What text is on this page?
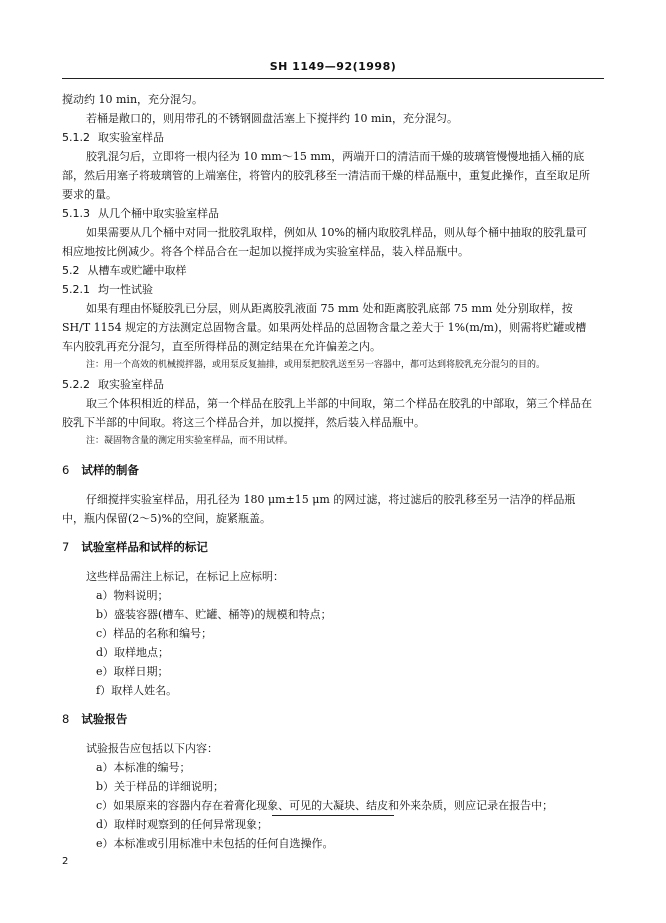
SH 1149—92(1998)

搅动约 10 min，充分混匀。

若桶是敞口的，则用带孔的不锈钢圆盘活塞上下搅拌约 10 min，充分混匀。

5.1.2 取实验室样品

胶乳混匀后，立即将一根内径为 10 mm～15 mm，两端开口的清洁而干燥的玻璃管慢慢地插入桶的底部，然后用塞子将玻璃管的上端塞住，将管内的胶乳移至一清洁而干燥的样品瓶中，重复此操作，直至取足所要求的量。

5.1.3 从几个桶中取实验室样品

如果需要从几个桶中对同一批胶乳取样，例如从 10%的桶内取胶乳样品，则从每个桶中抽取的胶乳量可相应地按比例减少。将各个样品合在一起加以搅拌成为实验室样品，装入样品瓶中。

5.2 从槽车或贮罐中取样

5.2.1 均一性试验

如果有理由怀疑胶乳已分层，则从距离胶乳液面 75 mm 处和距离胶乳底部 75 mm 处分别取样，按 SH/T 1154 规定的方法测定总固物含量。如果两处样品的总固物含量之差大于 1%(m/m)，则需将贮罐或槽车内胶乳再充分混匀，直至所得样品的测定结果在允许偏差之内。

注：用一个高效的机械搅拌器，或用泵反复抽排，或用泵把胶乳送至另一容器中，都可达到将胶乳充分混匀的目的。

5.2.2 取实验室样品

取三个体积相近的样品，第一个样品在胶乳上半部的中间取，第二个样品在胶乳的中部取，第三个样品在胶乳下半部的中间取。将这三个样品合并，加以搅拌，然后装入样品瓶中。

注：凝固物含量的测定用实验室样品，而不用试样。

6 试样的制备

仔细搅拌实验室样品，用孔径为 180 μm±15 μm 的网过滤，将过滤后的胶乳移至另一洁净的样品瓶中，瓶内保留(2～5)%的空间，旋紧瓶盖。

7 试验室样品和试样的标记

这些样品需注上标记，在标记上应标明：

a）物料说明；

b）盛装容器(槽车、贮罐、桶等)的规模和特点；

c）样品的名称和编号；

d）取样地点；

e）取样日期；

f）取样人姓名。

8 试验报告

试验报告应包括以下内容：

a）本标准的编号；

b）关于样品的详细说明；

c）如果原来的容器内存在着膏化现象、可见的大凝块、结皮和外来杂质，则应记录在报告中；

d）取样时观察到的任何异常现象；

e）本标准或引用标准中未包括的任何自选操作。

2
